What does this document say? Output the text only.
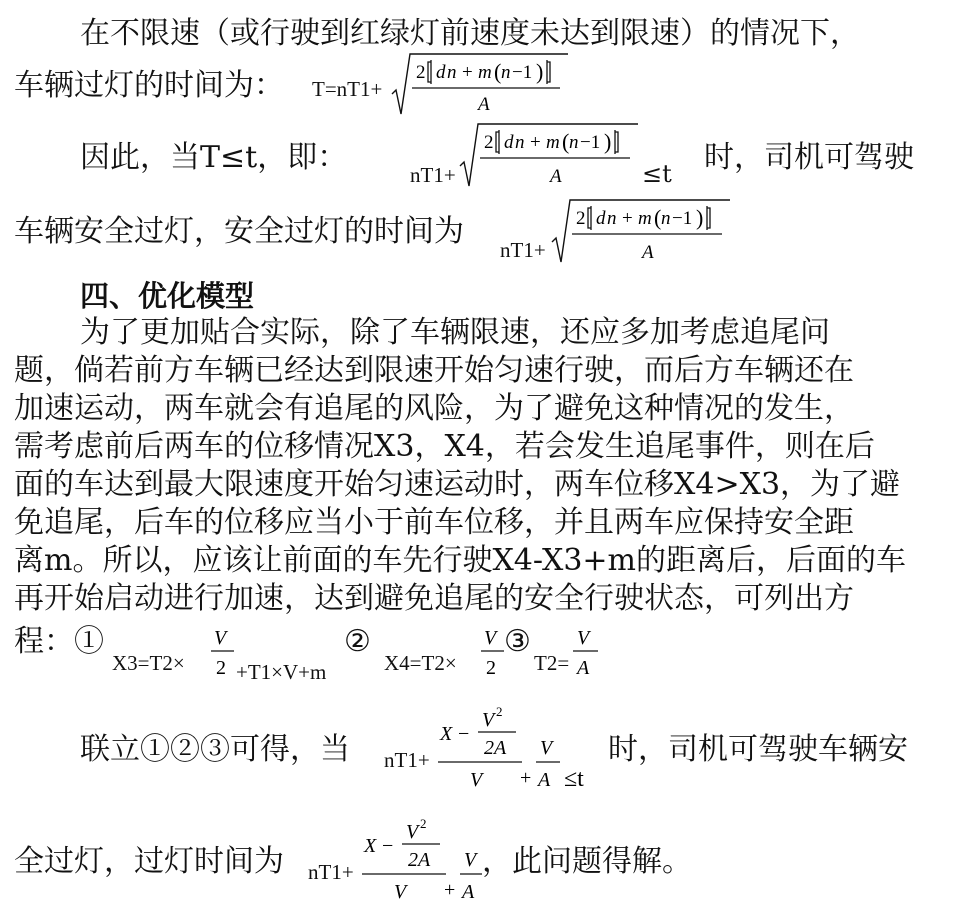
在不限速（或行驶到红绿灯前速度未达到限速）的情况下，
车辆过灯的时间为： T=nT1+
2 d n + m ( n −1 )
A
因此，当T≤t，即：	nT1+
2 d n + m ( n −1 )
A	≤t 时，司机可驾驶
车辆安全过灯，安全过灯的时间为
nT1+
2 d n + m ( n −1 )
A
四、优化模型
为了更加贴合实际，除了车辆限速，还应多加考虑追尾问
题，倘若前方车辆已经达到限速开始匀速行驶，而后方车辆还在
加速运动，两车就会有追尾的风险，为了避免这种情况的发生，
需考虑前后两车的位移情况X3，X4，若会发生追尾事件，则在后
面的车达到最大限速度开始匀速运动时，两车位移X4>X3，为了避
免追尾，后车的位移应当小于前车位移，并且两车应保持安全距
离m。所以，应该让前面的车先行驶X4-X3+m的距离后，后面的车
再开始启动进行加速，达到避免追尾的安全行驶状态，可列出方
程：①
X3=T2×
V
2 +T1×V+m
②
X4=T2×
V
2
③
T2=
V
A
联立①②③可得，当 nT1+
X −
V 2
2A
V +
V
A ≤t
时，司机可驾驶车辆安
全过灯，过灯时间为 nT1+
X −
V 2
2A
V +
V
A
，此问题得解。
